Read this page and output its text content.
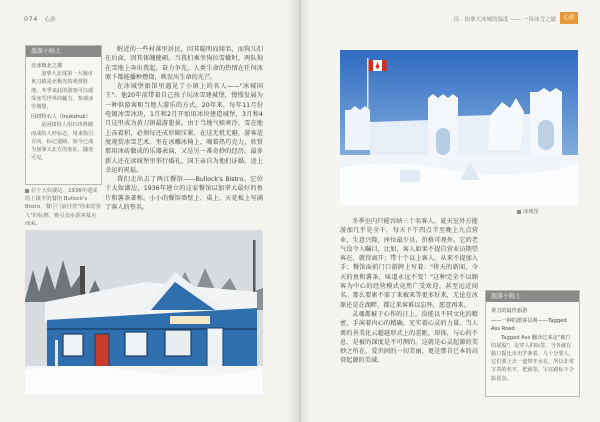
074 心游	沿 · 加拿大冰城的温度 —— 一场冰雪之旅	心游
旅游小贴士
北冰极北之都

加拿大北部第一大城市黄刀镇是北极光的观赏胜地，冬季来此的游客可以感受冰雪世界的魅力，参观冰雪城堡。

因纽特石人（Inukshuk）

是因纽特人用石块堆砌而成的人形标志，用来指引方向、标记道路，如今已成为加拿大北方的象征，随处可见。

位于大奴湖边、1936年建成的上镇半的餐馆 Bullock's Bistro，餐厅门前挂着"你来的客人"的标牌，吸引众多游客慕名而来。

附近的一些村落里居民，因其聪明而闻名，而狗儿们在后面，因其体魄健硕。当我们乘坐狗拉雪橇时，两队狗在雪地上奔出我起，奋力争先。人类生命的热情在任何冰原下都能播种燃烧，唤发出生命的光芒。

在冰城堡旅馆里遇见了小镇上的名人——"冰城国王"。他20年前带着自己孩子玩冰雪建城堡，慢慢发展为一种供游客和当地人游乐的方式。20年来，每年11月份电镀冰雪冰块，1月和2月开始用冰块建造城堡，3月和4月这里成为黄刀镇最游憩景。由于当地气候寒冷，雪在地上冻着积，必须每还成形砌压紧，在这无机无避，游客适度观赏冰雪艺术。坐在冰雕冰椅上，喝着热巧克力，欣赏那用冰砖做成的乐器表演，又是另一番奇妙的经历。最多新人还在冰城堡里举行婚礼，国王亲自为他们证婚，送上幸运的祝福。

我们走出去了两江餐馆——Bullock's Bistro。它位于大奴湖边，1936年建立的这家餐馆以加拿大最好的鱼片和薯条著称。小小的餐馆墙壁上、桌上、天花板上写满了客人的签名。

冰城堡

冬季室内只能容纳三十名客人，夏天室外方能游加几乎是全千，每天下午四点半至晚上九点营业，生意兴隆，座位最少员，价格可观外。它的老气没令人瞩目，比如，客人如果不提自营业员期望客在，就得离开；带十个以上客人，从来不提加入手；餐馆面前门口游牌上写着："将天的新闻，今天的鱼和薯条，味道永远不变！"这种完全不以顾客为中心的经营模式竟然广受欢迎，甚至远近闻名。那么要素不需了来被来等更多好来，无论在冰原还是在湖畔，都让来客难以忘怀，愿意再来。

灵魂都被于心作的汪上，没能以不同文化的精密，手演着内心的精确，充实着心灵的力量。当人类的善美化云超越形式上的差距，却体，与心的不息，是被的深度是不可测的。这就是心灵起源的美妙之所在，爱世间的一切美丽，更是那自已本的高营起源的美域。

旅游小贴士
黄刀的最佳旅游
——一种的游客以观——Tagged Ass Road

Tagged Ass 翻译过来是"被打的屁股"，是穿人的标签。当各就在路口提比市出学条着，几十分要人，它们要上去一道带开水在，所以非常宝贵的名字，把就等，宝在路标下合影留念。
